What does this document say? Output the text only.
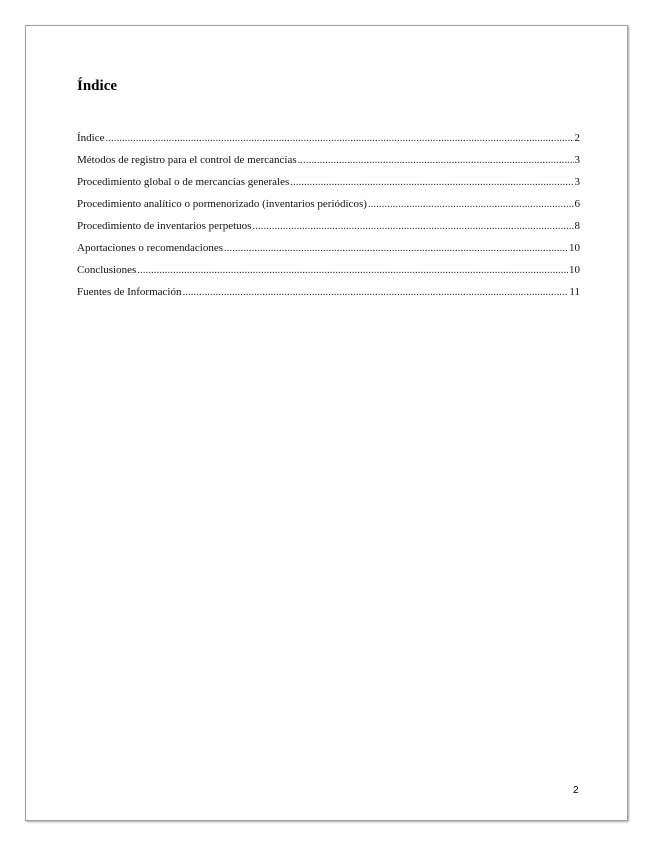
Índice
Índice .....	2
Métodos de registro para el control de mercancías .....	3
Procedimiento global o de mercancías generales .....	3
Procedimiento analítico o pormenorizado (inventarios periódicos) .....	6
Procedimiento de inventarios perpetuos .....	8
Aportaciones o recomendaciones .....	10
Conclusiones .....	10
Fuentes de Información .....	11
2
